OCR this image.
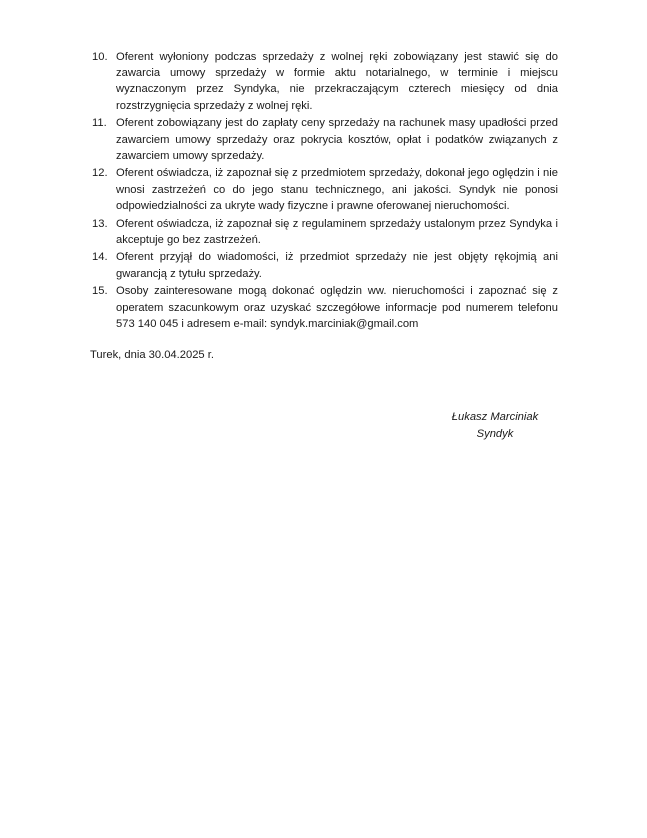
10. Oferent wyłoniony podczas sprzedaży z wolnej ręki zobowiązany jest stawić się do zawarcia umowy sprzedaży w formie aktu notarialnego, w terminie i miejscu wyznaczonym przez Syndyka, nie przekraczającym czterech miesięcy od dnia rozstrzygnięcia sprzedaży z wolnej ręki.
11. Oferent zobowiązany jest do zapłaty ceny sprzedaży na rachunek masy upadłości przed zawarciem umowy sprzedaży oraz pokrycia kosztów, opłat i podatków związanych z zawarciem umowy sprzedaży.
12. Oferent oświadcza, iż zapoznał się z przedmiotem sprzedaży, dokonał jego oględzin i nie wnosi zastrzeżeń co do jego stanu technicznego, ani jakości. Syndyk nie ponosi odpowiedzialności za ukryte wady fizyczne i prawne oferowanej nieruchomości.
13. Oferent oświadcza, iż zapoznał się z regulaminem sprzedaży ustalonym przez Syndyka i akceptuje go bez zastrzeżeń.
14. Oferent przyjął do wiadomości, iż przedmiot sprzedaży nie jest objęty rękojmią ani gwarancją z tytułu sprzedaży.
15. Osoby zainteresowane mogą dokonać oględzin ww. nieruchomości i zapoznać się z operatem szacunkowym oraz uzyskać szczegółowe informacje pod numerem telefonu 573 140 045 i adresem e-mail: syndyk.marciniak@gmail.com

Turek, dnia 30.04.2025 r.

Łukasz Marciniak
Syndyk
